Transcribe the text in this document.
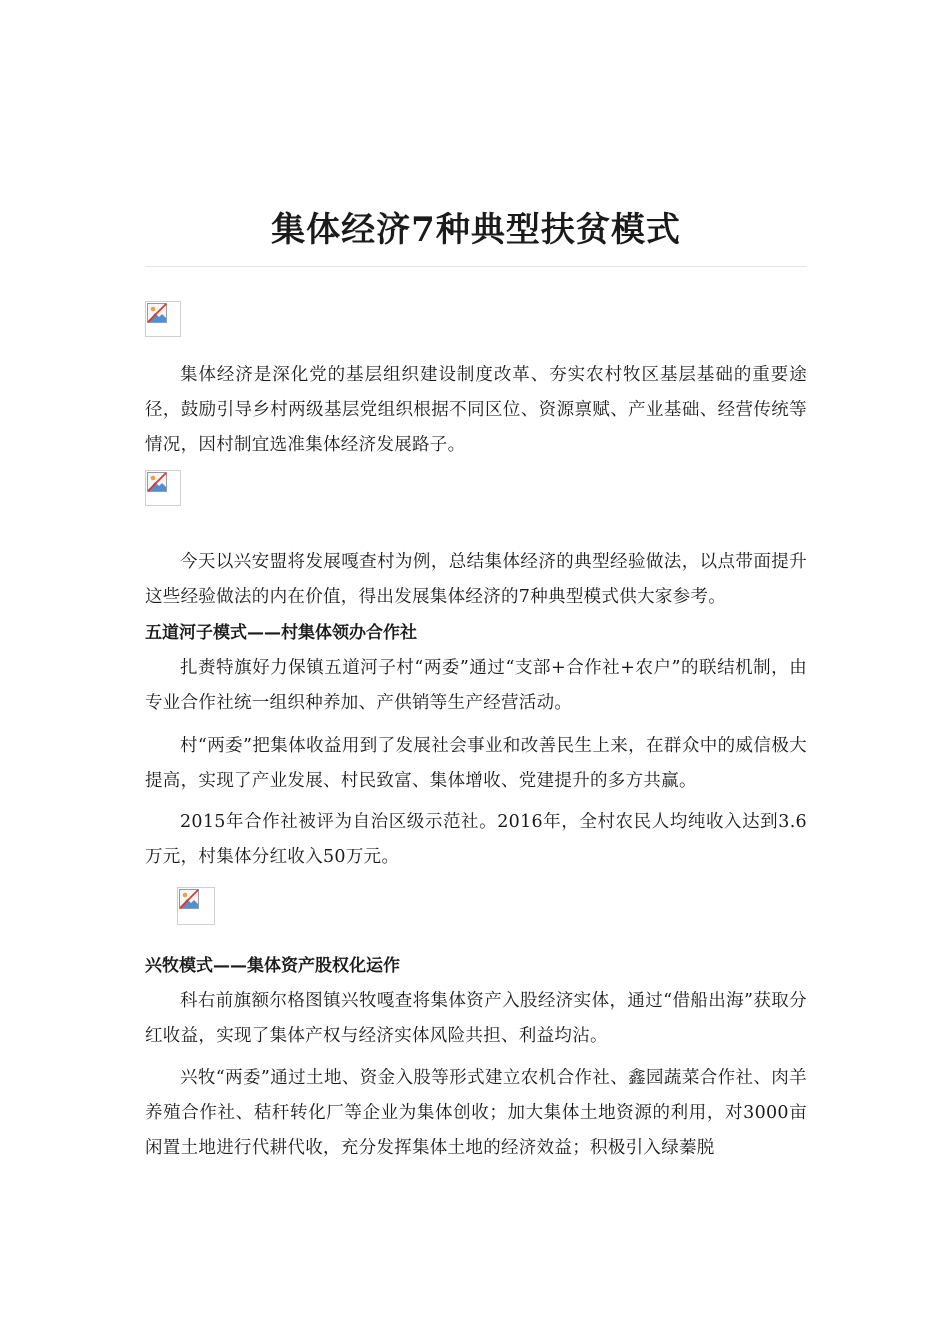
集体经济7种典型扶贫模式

集体经济是深化党的基层组织建设制度改革、夯实农村牧区基层基础的重要途径，鼓励引导乡村两级基层党组织根据不同区位、资源禀赋、产业基础、经营传统等情况，因村制宜选准集体经济发展路子。

今天以兴安盟将发展嘎查村为例，总结集体经济的典型经验做法，以点带面提升这些经验做法的内在价值，得出发展集体经济的7种典型模式供大家参考。

五道河子模式——村集体领办合作社

扎赉特旗好力保镇五道河子村“两委”通过“支部+合作社+农户”的联结机制，由专业合作社统一组织种养加、产供销等生产经营活动。

村“两委”把集体收益用到了发展社会事业和改善民生上来，在群众中的威信极大提高，实现了产业发展、村民致富、集体增收、党建提升的多方共赢。

2015年合作社被评为自治区级示范社。2016年，全村农民人均纯收入达到3.6万元，村集体分红收入50万元。

兴牧模式——集体资产股权化运作

科右前旗额尔格图镇兴牧嘎查将集体资产入股经济实体，通过“借船出海”获取分红收益，实现了集体产权与经济实体风险共担、利益均沾。

兴牧“两委”通过土地、资金入股等形式建立农机合作社、鑫园蔬菜合作社、肉羊养殖合作社、秸秆转化厂等企业为集体创收；加大集体土地资源的利用，对3000亩闲置土地进行代耕代收，充分发挥集体土地的经济效益；积极引入绿蓁脱
